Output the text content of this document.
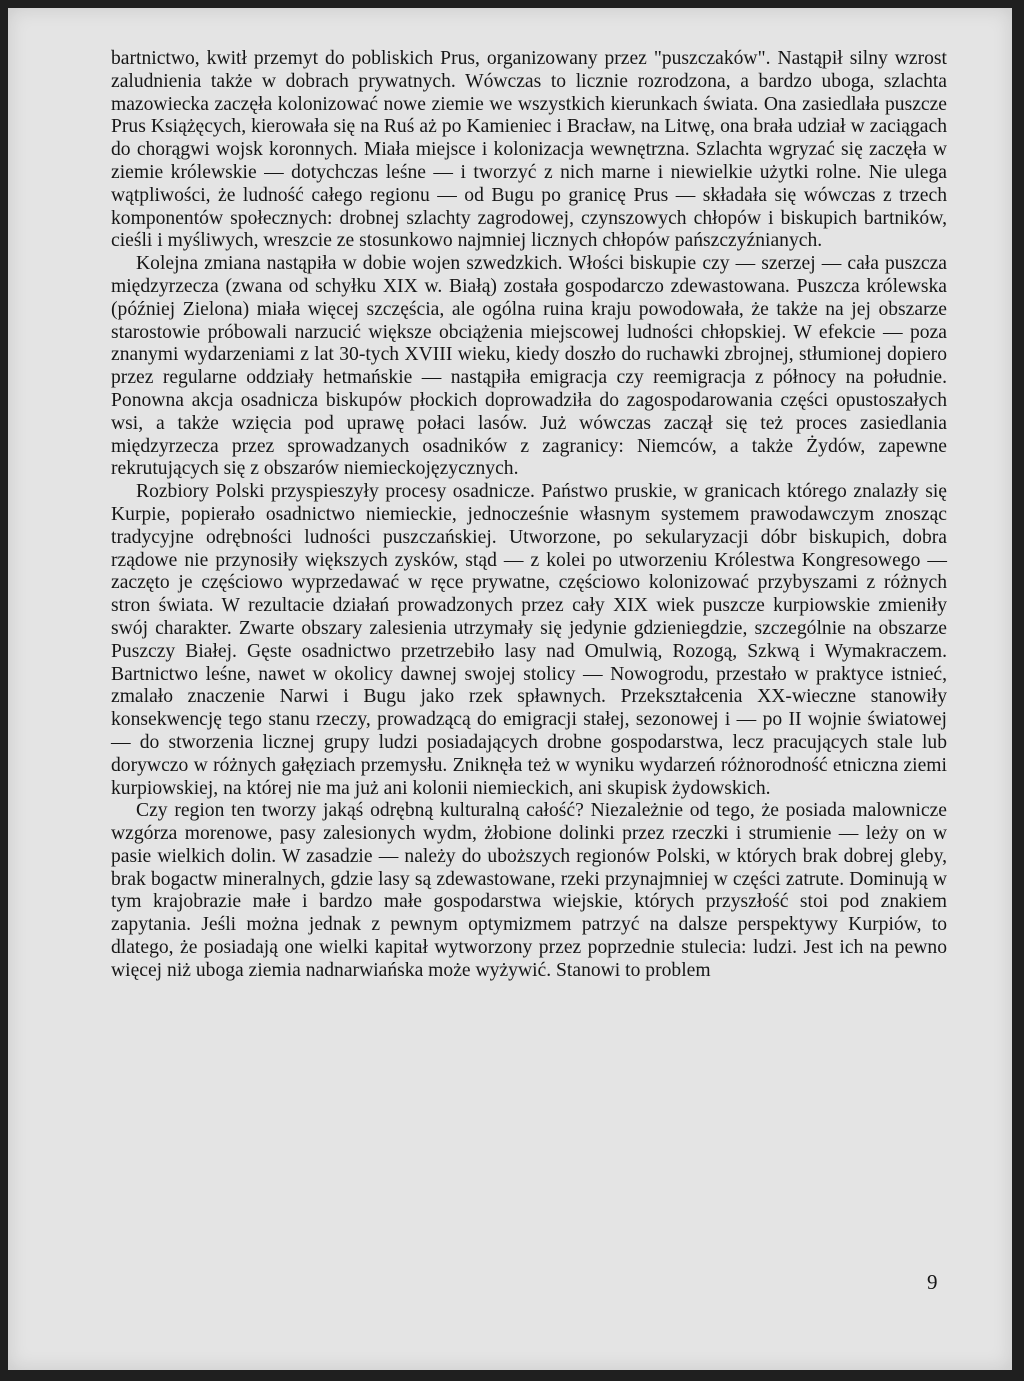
bartnictwo, kwitł przemyt do pobliskich Prus, organizowany przez "puszczaków". Nastąpił silny wzrost zaludnienia także w dobrach prywatnych. Wówczas to licznie rozrodzona, a bardzo uboga, szlachta mazowiecka zaczęła kolonizować nowe ziemie we wszystkich kierunkach świata. Ona zasiedlała puszcze Prus Książęcych, kierowała się na Ruś aż po Kamieniec i Bracław, na Litwę, ona brała udział w zaciągach do chorągwi wojsk koronnych. Miała miejsce i kolonizacja wewnętrzna. Szlachta wgryzać się zaczęła w ziemie królewskie — dotychczas leśne — i tworzyć z nich marne i niewielkie użytki rolne. Nie ulega wątpliwości, że ludność całego regionu — od Bugu po granicę Prus — składała się wówczas z trzech komponentów społecznych: drobnej szlachty zagrodowej, czynszowych chłopów i biskupich bartników, cieśli i myśliwych, wreszcie ze stosunkowo najmniej licznych chłopów pańszczyźnianych.

Kolejna zmiana nastąpiła w dobie wojen szwedzkich. Włości biskupie czy — szerzej — cała puszcza międzyrzecza (zwana od schyłku XIX w. Białą) została gospodarczo zdewastowana. Puszcza królewska (później Zielona) miała więcej szczęścia, ale ogólna ruina kraju powodowała, że także na jej obszarze starostowie próbowali narzucić większe obciążenia miejscowej ludności chłopskiej. W efekcie — poza znanymi wydarzeniami z lat 30-tych XVIII wieku, kiedy doszło do ruchawki zbrojnej, stłumionej dopiero przez regularne oddziały hetmańskie — nastąpiła emigracja czy reemigracja z północy na południe. Ponowna akcja osadnicza biskupów płockich doprowadziła do zagospodarowania części opustoszałych wsi, a także wzięcia pod uprawę połaci lasów. Już wówczas zaczął się też proces zasiedlania międzyrzecza przez sprowadzanych osadników z zagranicy: Niemców, a także Żydów, zapewne rekrutujących się z obszarów niemieckojęzycznych.

Rozbiory Polski przyspieszyły procesy osadnicze. Państwo pruskie, w granicach którego znalazły się Kurpie, popierało osadnictwo niemieckie, jednocześnie własnym systemem prawodawczym znosząc tradycyjne odrębności ludności puszczańskiej. Utworzone, po sekularyzacji dóbr biskupich, dobra rządowe nie przynosiły większych zysków, stąd — z kolei po utworzeniu Królestwa Kongresowego — zaczęto je częściowo wyprzedawać w ręce prywatne, częściowo kolonizować przybyszami z różnych stron świata. W rezultacie działań prowadzonych przez cały XIX wiek puszcze kurpiowskie zmieniły swój charakter. Zwarte obszary zalesienia utrzymały się jedynie gdzieniegdzie, szczególnie na obszarze Puszczy Białej. Gęste osadnictwo przetrzebiło lasy nad Omulwią, Rozogą, Szkwą i Wymakraczem. Bartnictwo leśne, nawet w okolicy dawnej swojej stolicy — Nowogrodu, przestało w praktyce istnieć, zmalało znaczenie Narwi i Bugu jako rzek spławnych. Przekształcenia XX-wieczne stanowiły konsekwencję tego stanu rzeczy, prowadzącą do emigracji stałej, sezonowej i — po II wojnie światowej — do stworzenia licznej grupy ludzi posiadających drobne gospodarstwa, lecz pracujących stale lub dorywczo w różnych gałęziach przemysłu. Zniknęła też w wyniku wydarzeń różnorodność etniczna ziemi kurpiowskiej, na której nie ma już ani kolonii niemieckich, ani skupisk żydowskich.

Czy region ten tworzy jakąś odrębną kulturalną całość? Niezależnie od tego, że posiada malownicze wzgórza morenowe, pasy zalesionych wydm, żłobione dolinki przez rzeczki i strumienie — leży on w pasie wielkich dolin. W zasadzie — należy do uboższych regionów Polski, w których brak dobrej gleby, brak bogactw mineralnych, gdzie lasy są zdewastowane, rzeki przynajmniej w części zatrute. Dominują w tym krajobrazie małe i bardzo małe gospodarstwa wiejskie, których przyszłość stoi pod znakiem zapytania. Jeśli można jednak z pewnym optymizmem patrzyć na dalsze perspektywy Kurpiów, to dlatego, że posiadają one wielki kapitał wytworzony przez poprzednie stulecia: ludzi. Jest ich na pewno więcej niż uboga ziemia nadnarwiańska może wyżywić. Stanowi to problem

9
